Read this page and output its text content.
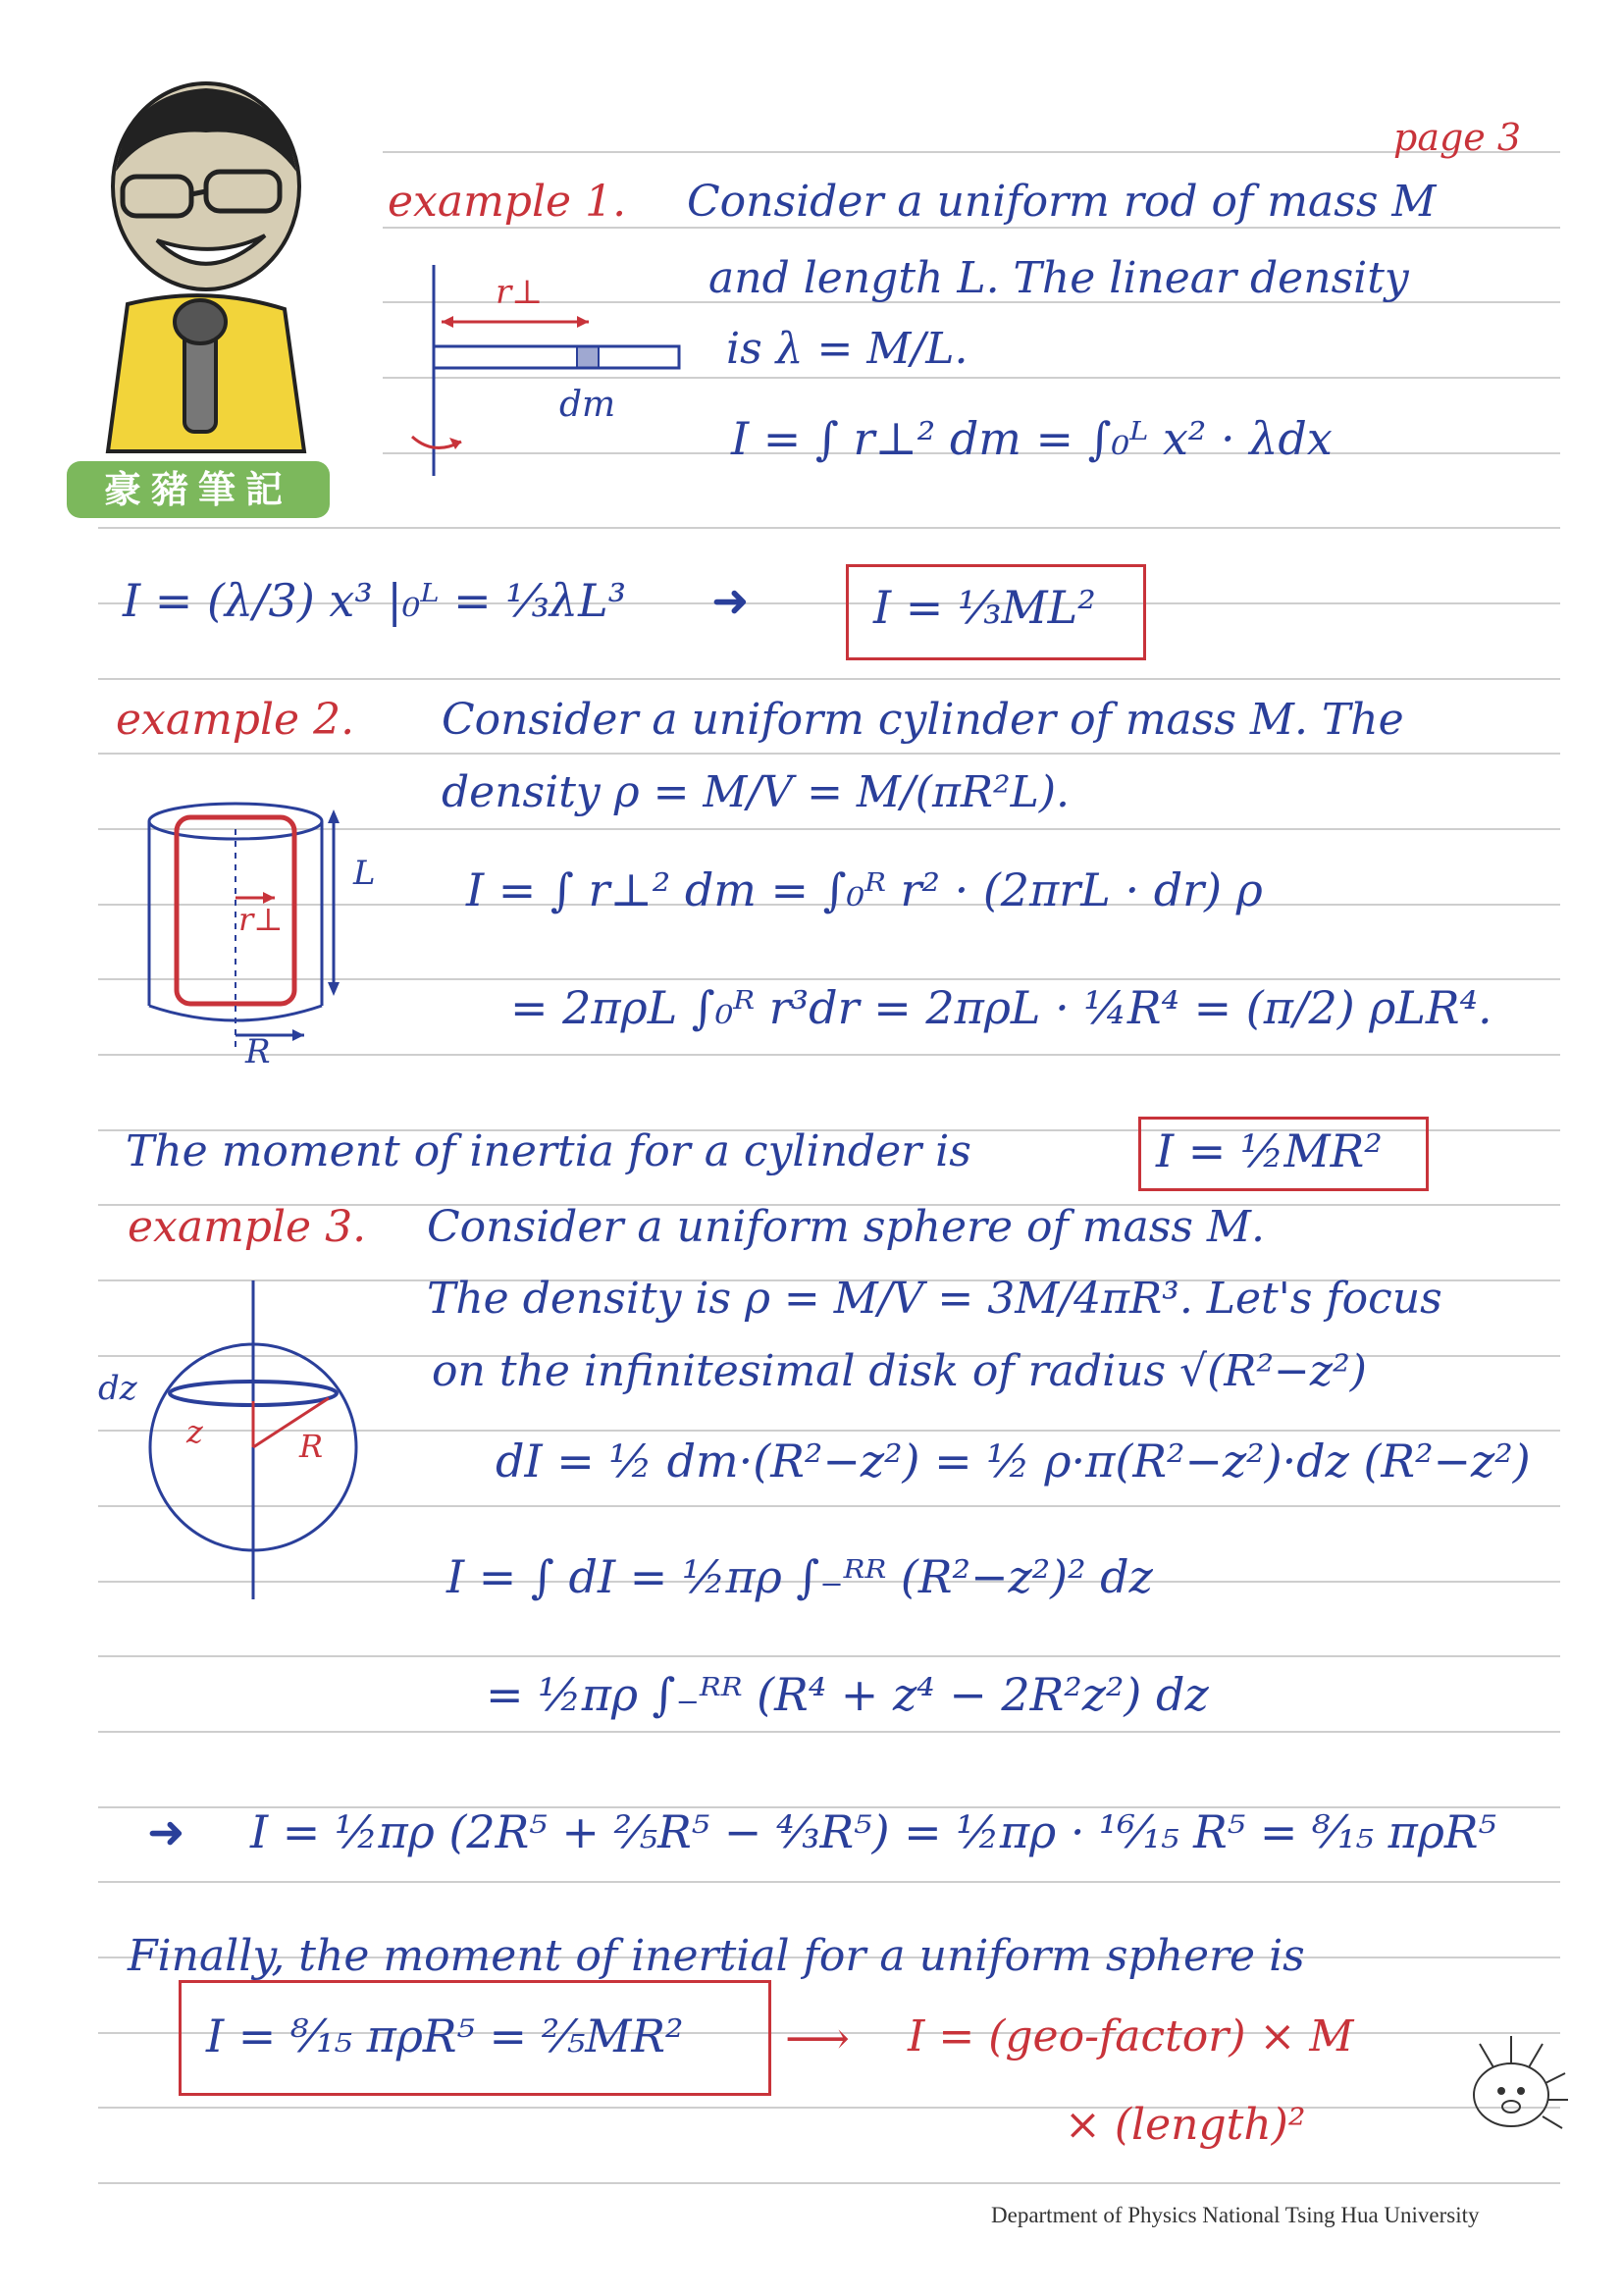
page 3
豪豬筆記
example 1. Consider a uniform rod of mass M
and length L. The linear density
is λ = M/L.
I = ∫ r⊥² dm = ∫₀ᴸ x² · λdx
r⊥
dm
I = (λ/3) x³ |₀ᴸ = ⅓λL³ ➜	I = ⅓ML²
example 2. Consider a uniform cylinder of mass M. The
density ρ = M/V = M/(πR²L).
I = ∫ r⊥² dm = ∫₀ᴿ r² · (2πrL · dr) ρ
= 2πρL ∫₀ᴿ r³dr = 2πρL · ¼R⁴ = (π/2) ρLR⁴.
L
r⊥
R
The moment of inertia for a cylinder is	I = ½MR²
example 3. Consider a uniform sphere of mass M.
The density is ρ = M/V = 3M/4πR³. Let's focus
on the infinitesimal disk of radius √(R²−z²)
dI = ½ dm·(R²−z²) = ½ ρ·π(R²−z²)·dz (R²−z²)
I = ∫ dI = ½πρ ∫₋ᴿᴿ (R²−z²)² dz
= ½πρ ∫₋ᴿᴿ (R⁴ + z⁴ − 2R²z²) dz
dz
z	R
➜ I = ½πρ (2R⁵ + ⅖R⁵ − ⁴⁄₃R⁵) = ½πρ · ¹⁶⁄₁₅ R⁵ = ⁸⁄₁₅ πρR⁵
Finally, the moment of inertial for a uniform sphere is
I = ⁸⁄₁₅ πρR⁵ = ⅖MR² ⟶ I = (geo-factor) × M
× (length)²
Department of Physics National Tsing Hua University
